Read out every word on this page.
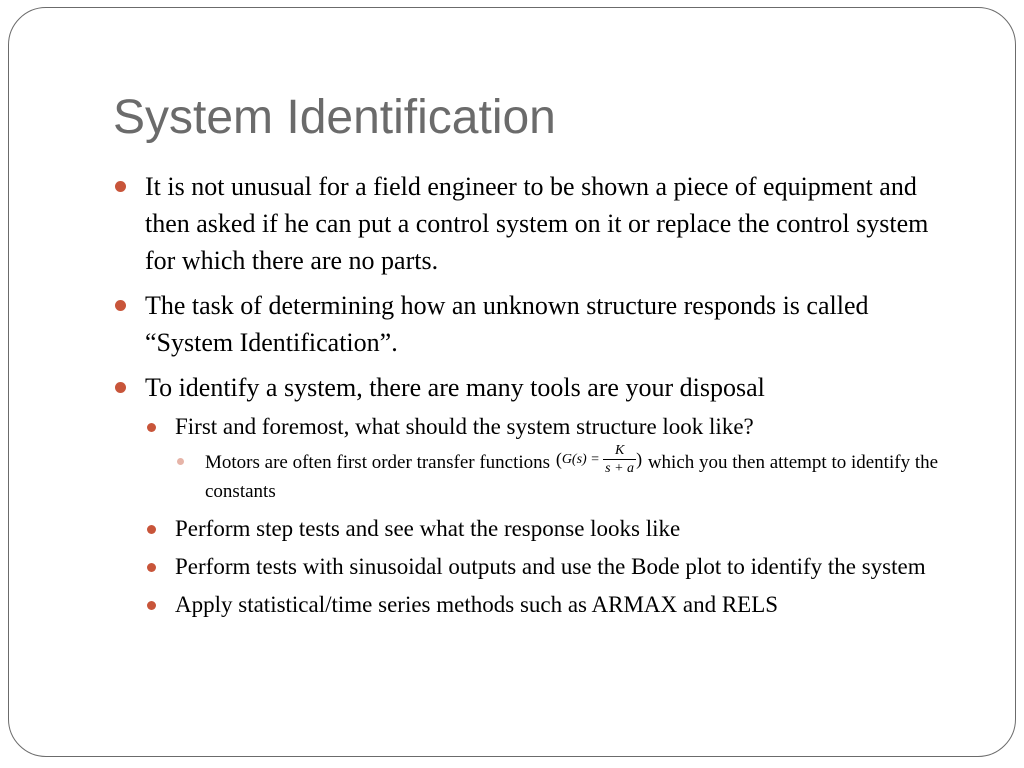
System Identification
It is not unusual for a field engineer to be shown a piece of equipment and then asked if he can put a control system on it or replace the control system for which there are no parts.
The task of determining how an unknown structure responds is called “System Identification”.
To identify a system, there are many tools are your disposal
First and foremost, what should the system structure look like?
Motors are often first order transfer functions ($G(s) = \frac{K}{s + a}$ ) which you then attempt to identify the constants
Perform step tests and see what the response looks like
Perform tests with sinusoidal outputs and use the Bode plot to identify the system
Apply statistical/time series methods such as ARMAX and RELS
